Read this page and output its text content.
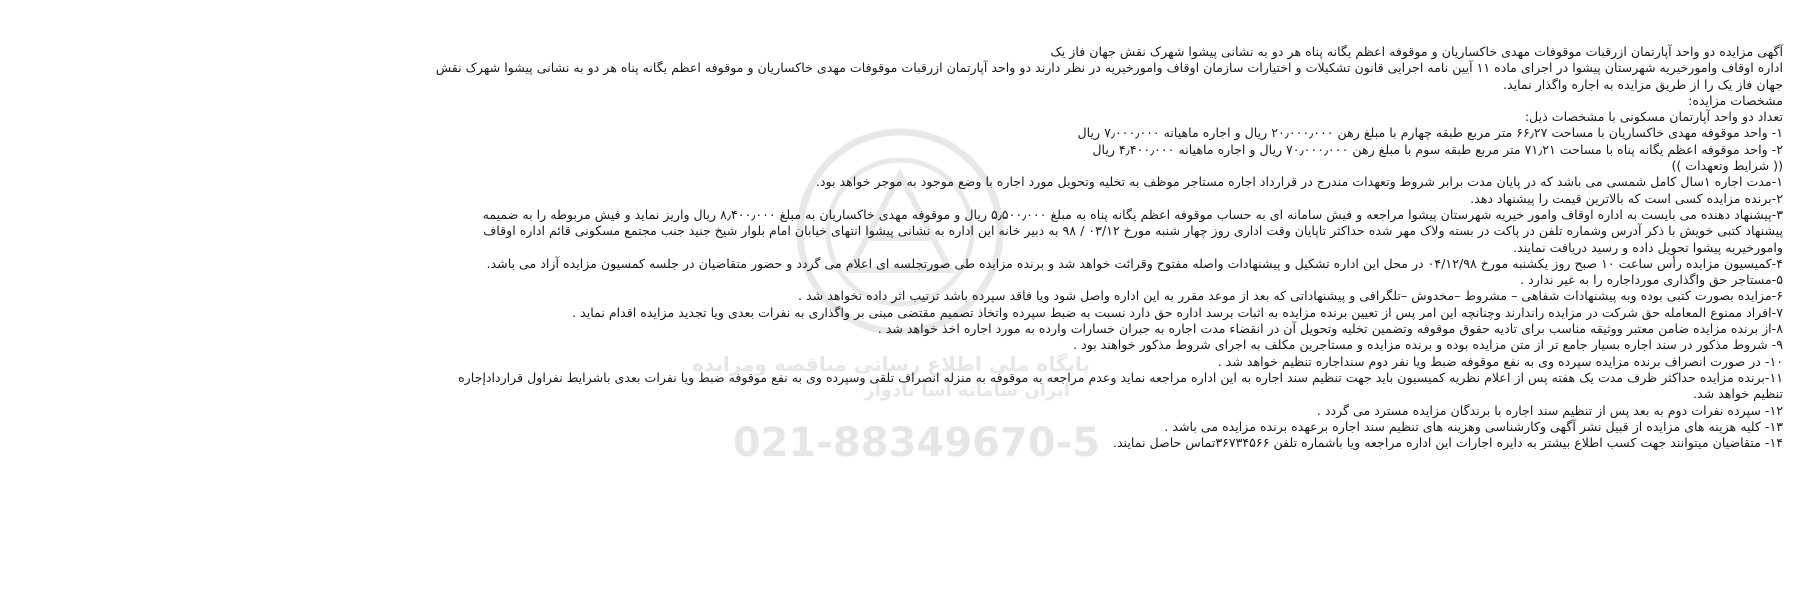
پایگاه ملی اطلاع رسانی مناقصه ومزایده
ایران سامانه آسا نادوار
021-88349670-5
آگهی مزایده دو واحد آپارتمان ازرقبات موقوفات مهدی خاکساریان و موقوفه اعظم یگانه پناه هر دو به نشانی پیشوا شهرک نقش جهان فاز یک
اداره اوقاف وامورخیریه شهرستان پیشوا در اجرای ماده ۱۱ آیین نامه اجرایی قانون تشکیلات و اختیارات سازمان اوقاف وامورخیریه در نظر دارند دو واحد آپارتمان ازرقبات موقوفات مهدی خاکساریان و موقوفه اعظم یگانه پناه هر دو به نشانی پیشوا شهرک نقش
جهان فاز یک را از طریق مزایده به اجاره واگذار نماید.
مشخصات مزایده:
تعداد دو واحد آپارتمان مسکونی با مشخصات ذیل:
۱- واحد موقوفه مهدی خاکساریان با مساحت ۶۶٫۲۷ متر مربع طبقه چهارم با مبلغ رهن ۲۰٫۰۰۰٫۰۰۰ ریال و اجاره ماهیانه ۷٫۰۰۰٫۰۰۰ ریال
۲- واحد موقوفه اعظم یگانه پناه با مساحت ۷۱٫۲۱ متر مربع طبقه سوم با مبلغ رهن ۷۰٫۰۰۰٫۰۰۰ ریال و اجاره ماهیانه ۴٫۴۰۰٫۰۰۰ ریال
(( شرایط وتعهدات ))
۱-مدت اجاره ۱سال کامل شمسی می باشد که در پایان مدت برابر شروط وتعهدات مندرج در قرارداد اجاره مستاجر موظف به تخلیه وتحویل مورد اجاره با وضع موجود به موجر خواهد بود.
۲-برنده مزایده کسی است که بالاترین قیمت را پیشنهاد دهد.
۳-پیشنهاد دهنده می بایست به اداره اوقاف وامور خیریه شهرستان پیشوا مراجعه و فیش سامانه ای به حساب موقوفه اعظم یگانه پناه به مبلغ ۵٫۵۰۰٫۰۰۰ ریال و موقوفه مهدی خاکساریان به مبلغ ۸٫۴۰۰٫۰۰۰ ریال واریز نماید و فیش مربوطه را به ضمیمه
پیشنهاد کتبی خویش با ذکر آدرس وشماره تلفن در پاکت در بسته ولاک مهر شده حداکثر تاپایان وقت اداری روز چهار شنبه مورخ ۰۳/۱۲ / ۹۸ به دبیر خانه این اداره به نشانی پیشوا انتهای خیابان امام بلوار شیخ جنید جنب مجتمع مسکونی قائم اداره اوقاف
وامورخیریه پیشوا تحویل داده و رسید دریافت نمایند.
۴-کمیسیون مزایده رأس ساعت ۱۰ صبح روز یکشنبه مورخ ۰۴/۱۲/۹۸ در محل این اداره تشکیل و پیشنهادات واصله مفتوح وقرائت خواهد شد و برنده مزایده طی صورتجلسه ای اعلام می گردد و حضور متقاضیان در جلسه کمسیون مزایده آزاد می باشد.
۵-مستاجر حق واگذاری مورداجاره را به غیر ندارد .
۶-مزایده بصورت کتبی بوده وبه پیشنهادات شفاهی – مشروط –مخدوش –تلگرافی و پیشنهاداتی که بعد از موعد مقرر به این اداره واصل شود ویا فاقد سپرده باشد ترتیب اثر داده نخواهد شد .
۷-افراد ممنوع المعامله حق شرکت در مزایده راندارند وچنانچه این امر پس از تعیین برنده مزایده به اثبات برسد اداره حق دارد نسبت به ضبط سپرده واتخاذ تصمیم مقتضی مبنی بر واگذاری به نفرات بعدی ویا تجدید مزایده اقدام نماید .
۸-از برنده مزایده ضامن معتبر ووثیقه مناسب برای تادیه حقوق موقوفه وتضمین تخلیه وتحویل آن در انقضاء مدت اجاره به جبران خسارات وارده به مورد اجاره اخذ خواهد شد .
۹- شروط مذکور در سند اجاره بسیار جامع تر از متن مزایده بوده و برنده مزایده و مستاجرین مکلف به اجرای شروط مذکور خواهند بود .
۱۰- در صورت انصراف برنده مزایده سپرده وی به نفع موقوفه ضبط ویا نفر دوم سنداجاره تنظیم خواهد شد .
۱۱-برنده مزایده حداکثر ظرف مدت یک هفته پس از اعلام نظریه کمیسیون باید جهت تنظیم سند اجاره به این اداره مراجعه نماید وعدم مراجعه به موقوفه به منزله انصراف تلقی وسپرده وی به نفع موقوفه ضبط ویا نفرات بعدی باشرایط نفراول قراردادإجاره
تنظیم خواهد شد.
۱۲- سپرده نفرات دوم به بعد پس از تنظیم سند اجاره با برندگان مزایده مسترد می گردد .
۱۳- کلیه هزینه های مزایده از قبیل نشر آگهی وکارشناسی وهزینه های تنظیم سند اجاره برعهده برنده مزایده می باشد .
۱۴- متقاضیان میتوانند جهت کسب اطلاع بیشتر به دایره اجارات این اداره مراجعه ویا باشماره تلفن ۳۶۷۳۴۵۶۶تماس حاصل نمایند.
